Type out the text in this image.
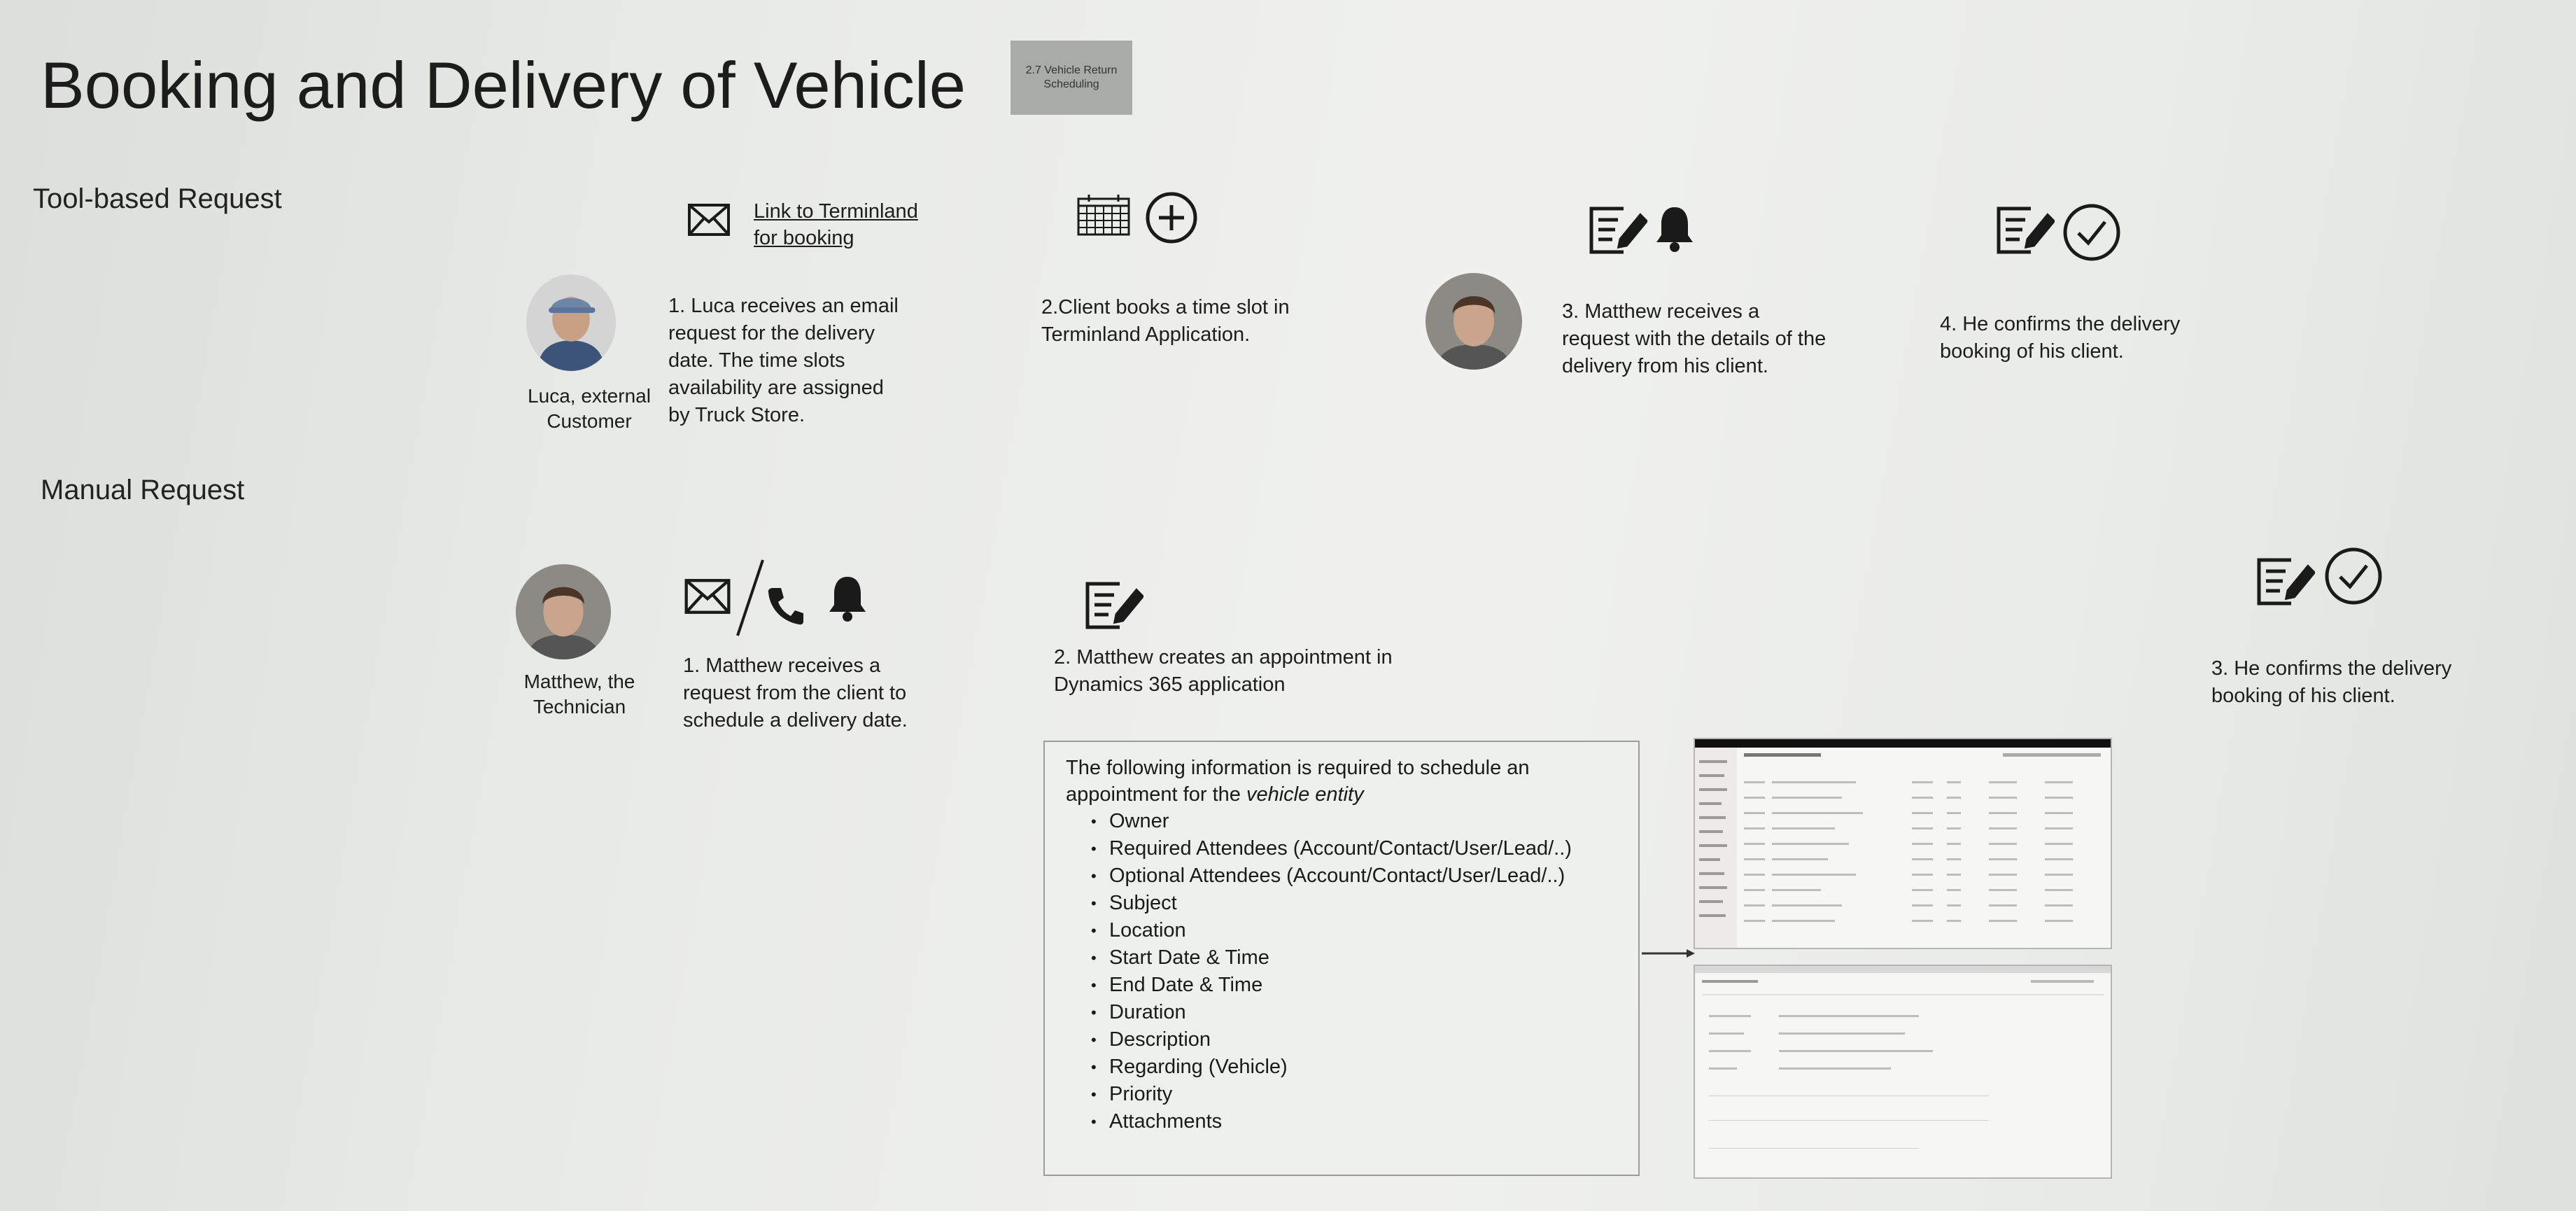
Booking and Delivery of Vehicle	2.7 Vehicle Return
Scheduling
Tool-based Request
Manual Request
Luca, external
Customer
Link to Terminland
for booking
1. Luca receives an email
request for the delivery
date. The time slots
availability are assigned
by Truck Store.
2.Client books a time slot in
Terminland Application.
3. Matthew receives a
request with the details of the
delivery from his client.
4. He confirms the delivery
booking of his client.
Matthew, the
Technician
1. Matthew receives a
request from the client to
schedule a delivery date.
2. Matthew creates an appointment in
Dynamics 365 application
3. He confirms the delivery
booking of his client.
The following information is required to schedule an
appointment for the vehicle entity
• Owner
• Required Attendees (Account/Contact/User/Lead/..)
• Optional Attendees (Account/Contact/User/Lead/..)
• Subject
• Location
• Start Date & Time
• End Date & Time
• Duration
• Description
• Regarding (Vehicle)
• Priority
• Attachments
